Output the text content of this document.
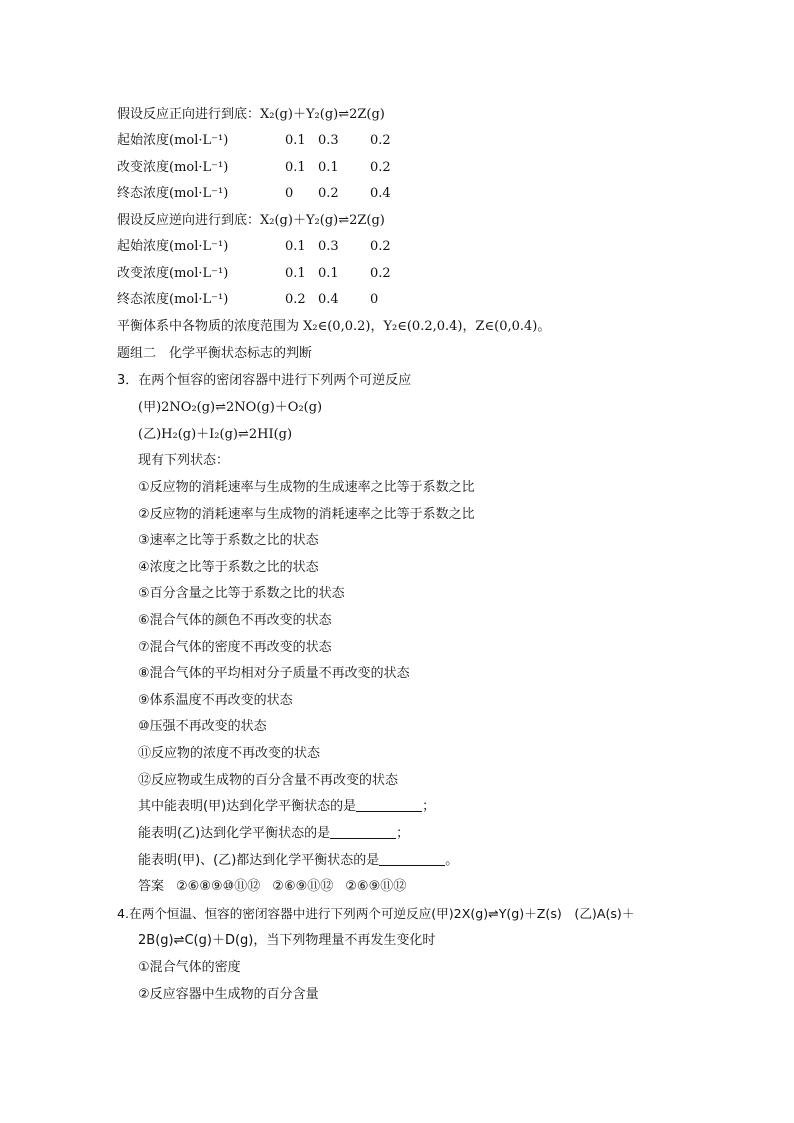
假设反应正向进行到底：X₂(g)＋Y₂(g)⇌2Z(g)
起始浓度(mol·L⁻¹)	0.1 0.3 0.2
改变浓度(mol·L⁻¹)	0.1 0.1 0.2
终态浓度(mol·L⁻¹)	0 0.2 0.4
假设反应逆向进行到底：X₂(g)＋Y₂(g)⇌2Z(g)
起始浓度(mol·L⁻¹)	0.1 0.3 0.2
改变浓度(mol·L⁻¹)	0.1 0.1 0.2
终态浓度(mol·L⁻¹)	0.2 0.4 0
平衡体系中各物质的浓度范围为 X₂∈(0,0.2)，Y₂∈(0.2,0.4)，Z∈(0,0.4)。
题组二　化学平衡状态标志的判断
3．在两个恒容的密闭容器中进行下列两个可逆反应
(甲)2NO₂(g)⇌2NO(g)＋O₂(g)
(乙)H₂(g)＋I₂(g)⇌2HI(g)
现有下列状态：
①反应物的消耗速率与生成物的生成速率之比等于系数之比
②反应物的消耗速率与生成物的消耗速率之比等于系数之比
③速率之比等于系数之比的状态
④浓度之比等于系数之比的状态
⑤百分含量之比等于系数之比的状态
⑥混合气体的颜色不再改变的状态
⑦混合气体的密度不再改变的状态
⑧混合气体的平均相对分子质量不再改变的状态
⑨体系温度不再改变的状态
⑩压强不再改变的状态
⑪反应物的浓度不再改变的状态
⑫反应物或生成物的百分含量不再改变的状态
其中能表明(甲)达到化学平衡状态的是	；
能表明(乙)达到化学平衡状态的是	；
能表明(甲)、(乙)都达到化学平衡状态的是	。
答案 ②⑥⑧⑨⑩⑪⑫ ②⑥⑨⑪⑫ ②⑥⑨⑪⑫
4.在两个恒温、恒容的密闭容器中进行下列两个可逆反应(甲)2X(g)⇌Y(g)＋Z(s)　(乙)A(s)＋
2B(g)⇌C(g)＋D(g)，当下列物理量不再发生变化时
①混合气体的密度
②反应容器中生成物的百分含量
